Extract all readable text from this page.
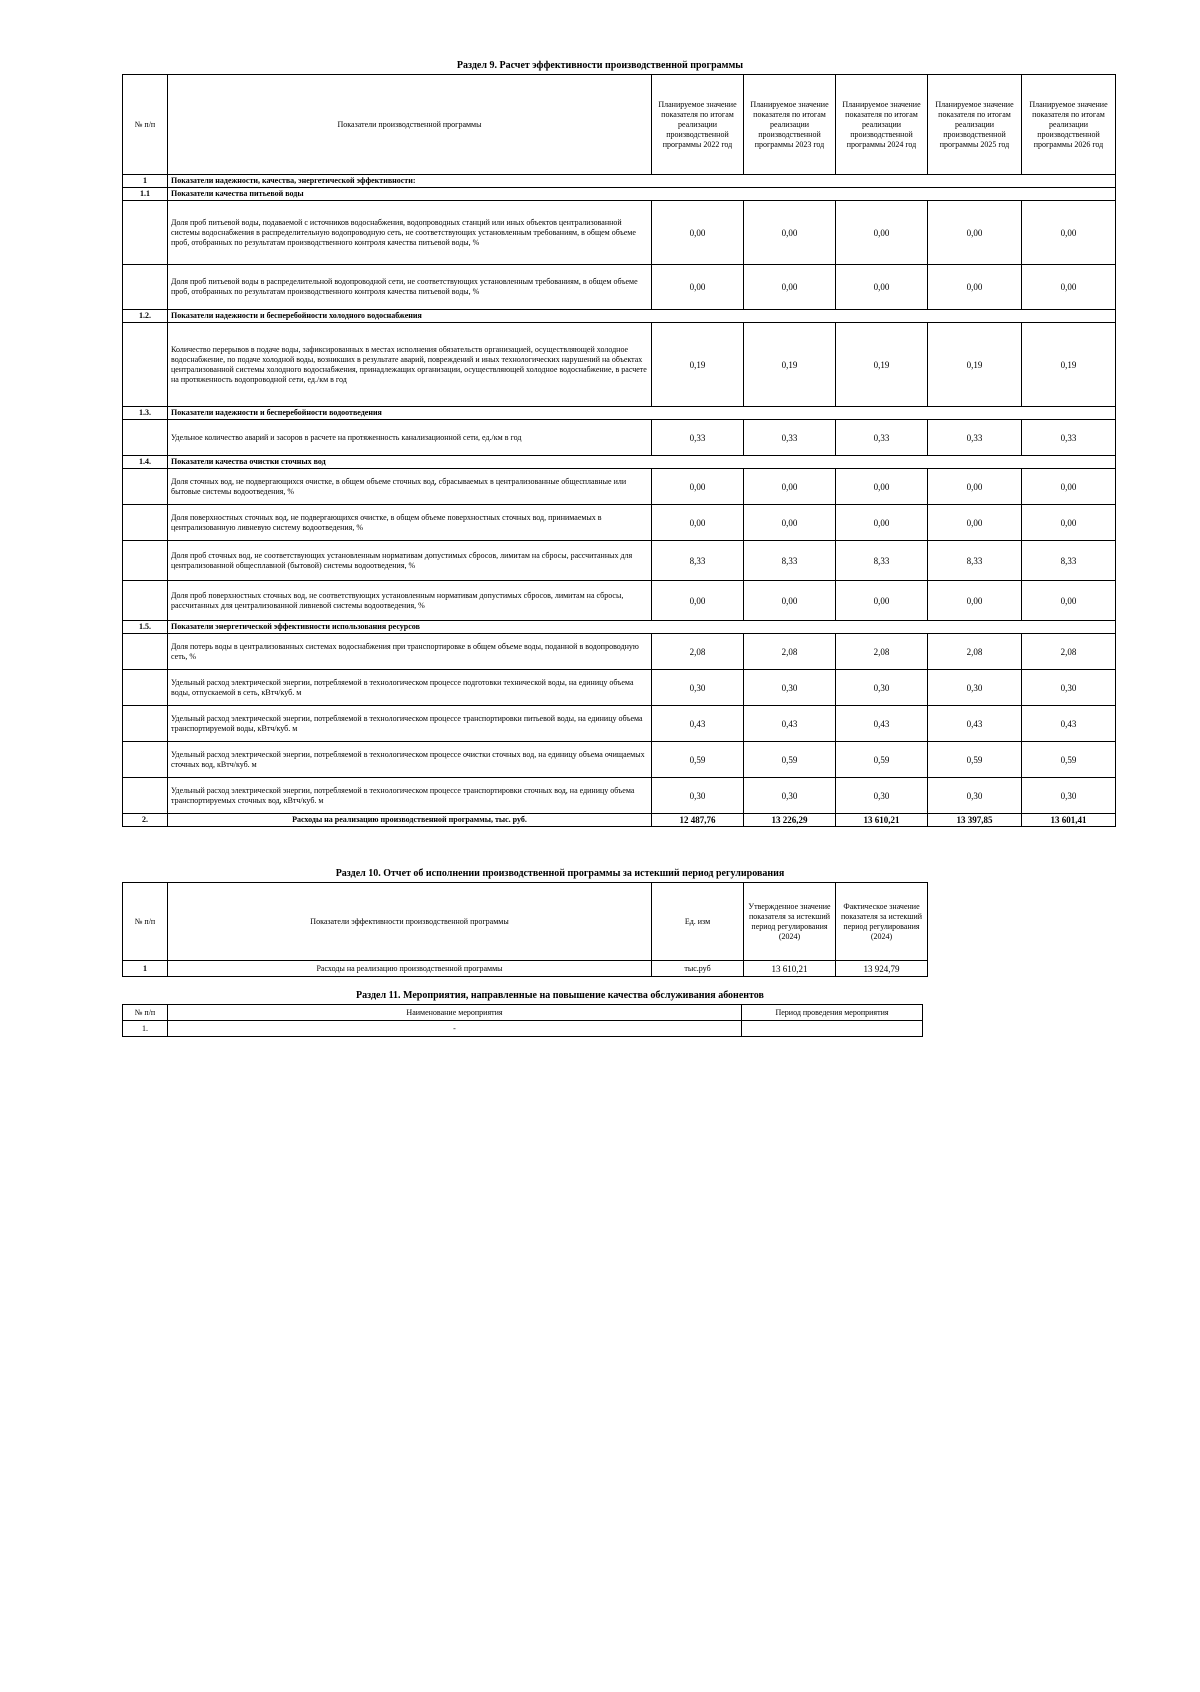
Раздел 9. Расчет эффективности производственной программы
№ п/п	Показатели производственной программы	Планируемое значение показателя по итогам реализации производственной программы 2022 год	Планируемое значение показателя по итогам реализации производственной программы 2023 год	Планируемое значение показателя по итогам реализации производственной программы 2024 год	Планируемое значение показателя по итогам реализации производственной программы 2025 год	Планируемое значение показателя по итогам реализации производственной программы 2026 год
1	Показатели надежности, качества, энергетической эффективности:					
1.1	Показатели качества питьевой воды					
	Доля проб питьевой воды, подаваемой с источников водоснабжения, водопроводных станций или иных объектов централизованной системы водоснабжения в распределительную водопроводную сеть, не соответствующих установленным требованиям, в общем объеме проб, отобранных по результатам производственного контроля качества питьевой воды, %	0,00	0,00	0,00	0,00	0,00
	Доля проб питьевой воды в распределительной водопроводной сети, не соответствующих установленным требованиям, в общем объеме проб, отобранных по результатам производственного контроля качества питьевой воды, %	0,00	0,00	0,00	0,00	0,00
1.2.	Показатели надежности и бесперебойности холодного водоснабжения					
	Количество перерывов в подаче воды, зафиксированных в местах исполнения обязательств организацией, осуществляющей холодное водоснабжение, по подаче холодной воды, возникших в результате аварий, повреждений и иных технологических нарушений на объектах централизованной системы холодного водоснабжения, принадлежащих организации, осуществляющей холодное водоснабжение, в расчете на протяженность водопроводной сети, ед./км в год	0,19	0,19	0,19	0,19	0,19
1.3.	Показатели надежности и бесперебойности водоотведения					
	Удельное количество аварий и засоров в расчете на протяженность канализационной сети, ед./км в год	0,33	0,33	0,33	0,33	0,33
1.4.	Показатели качества очистки сточных вод					
	Доля сточных вод, не подвергающихся очистке, в общем объеме сточных вод, сбрасываемых в централизованные общесплавные или бытовые системы водоотведения, %	0,00	0,00	0,00	0,00	0,00
	Доля поверхностных сточных вод, не подвергающихся очистке, в общем объеме поверхностных сточных вод, принимаемых в централизованную ливневую систему водоотведения, %	0,00	0,00	0,00	0,00	0,00
	Доля проб сточных вод, не соответствующих установленным нормативам допустимых сбросов, лимитам на сбросы, рассчитанных для централизованной общесплавной (бытовой) системы водоотведения, %	8,33	8,33	8,33	8,33	8,33
	Доля проб поверхностных сточных вод, не соответствующих установленным нормативам допустимых сбросов, лимитам на сбросы, рассчитанных для централизованной ливневой системы водоотведения, %	0,00	0,00	0,00	0,00	0,00
1.5.	Показатели энергетической эффективности использования ресурсов					
	Доля потерь воды в централизованных системах водоснабжения при транспортировке в общем объеме воды, поданной в водопроводную сеть, %	2,08	2,08	2,08	2,08	2,08
	Удельный расход электрической энергии, потребляемой в технологическом процессе подготовки технической воды, на единицу объема воды, отпускаемой в сеть, кВтч/куб. м	0,30	0,30	0,30	0,30	0,30
	Удельный расход электрической энергии, потребляемой в технологическом процессе транспортировки питьевой воды, на единицу объема транспортируемой воды, кВтч/куб. м	0,43	0,43	0,43	0,43	0,43
	Удельный расход электрической энергии, потребляемой в технологическом процессе очистки сточных вод, на единицу объема очищаемых сточных вод, кВтч/куб. м	0,59	0,59	0,59	0,59	0,59
	Удельный расход электрической энергии, потребляемой в технологическом процессе транспортировки сточных вод, на единицу объема транспортируемых сточных вод, кВтч/куб. м	0,30	0,30	0,30	0,30	0,30
2.	Расходы на реализацию производственной программы, тыс. руб.	12 487,76	13 226,29	13 610,21	13 397,85	13 601,41
Раздел 10. Отчет об исполнении производственной программы за истекший период регулирования
№ п/п	Показатели эффективности производственной программы	Ед. изм	Утвержденное значение показателя за истекший период регулирования (2024)	Фактическое значение показателя за истекший период регулирования (2024)
1	Расходы на реализацию производственной программы	тыс.руб	13 610,21	13 924,79
Раздел 11. Мероприятия, направленные на повышение качества обслуживания абонентов
№ п/п	Наименование мероприятия	Период проведения мероприятия
1.	-	
